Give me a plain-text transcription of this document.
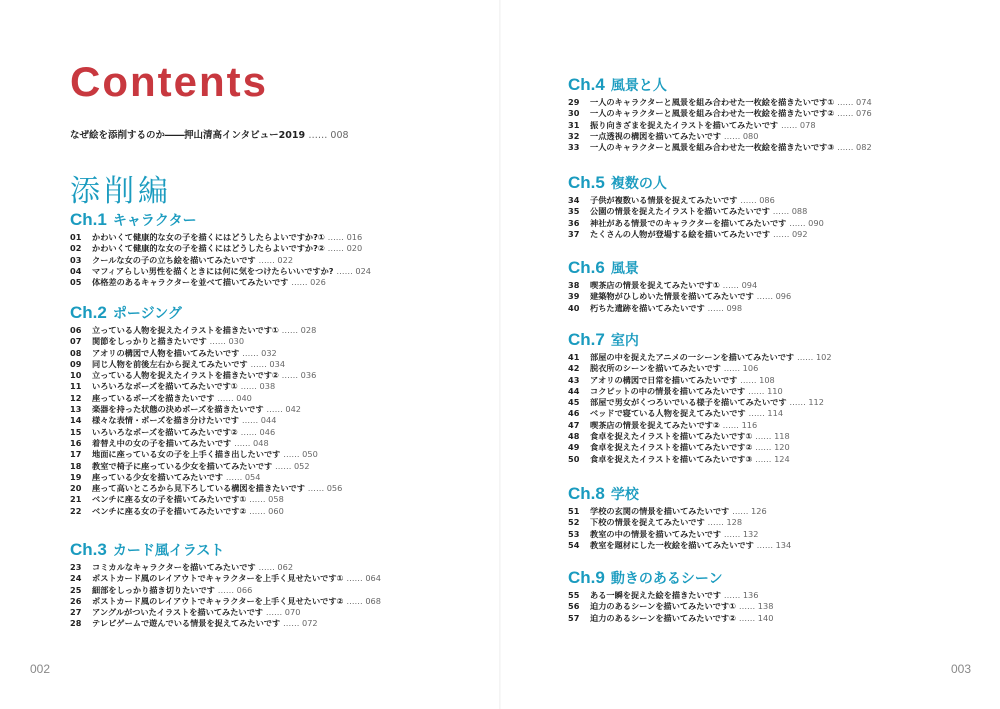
Contents
なぜ絵を添削するのか――押山清高インタビュー2019 …… 008
添削編
Ch.1 キャラクター
01 かわいくて健康的な女の子を描くにはどうしたらよいですか?① …… 016
02 かわいくて健康的な女の子を描くにはどうしたらよいですか?② …… 020
03 クールな女の子の立ち絵を描いてみたいです …… 022
04 マフィアらしい男性を描くときには何に気をつけたらいいですか? …… 024
05 体格差のあるキャラクターを並べて描いてみたいです …… 026
Ch.2 ポージング
06 立っている人物を捉えたイラストを描きたいです① …… 028
07 関節をしっかりと描きたいです …… 030
08 アオリの構図で人物を描いてみたいです …… 032
09 同じ人物を前後左右から捉えてみたいです …… 034
10 立っている人物を捉えたイラストを描きたいです② …… 036
11 いろいろなポーズを描いてみたいです① …… 038
12 座っているポーズを描きたいです …… 040
13 楽器を持った状態の決めポーズを描きたいです …… 042
14 様々な表情・ポーズを描き分けたいです …… 044
15 いろいろなポーズを描いてみたいです② …… 046
16 着替え中の女の子を描いてみたいです …… 048
17 地面に座っている女の子を上手く描き出したいです …… 050
18 教室で椅子に座っている少女を描いてみたいです …… 052
19 座っている少女を描いてみたいです …… 054
20 座って高いところから見下ろしている構図を描きたいです …… 056
21 ベンチに座る女の子を描いてみたいです① …… 058
22 ベンチに座る女の子を描いてみたいです② …… 060
Ch.3 カード風イラスト
23 コミカルなキャラクターを描いてみたいです …… 062
24 ポストカード風のレイアウトでキャラクターを上手く見せたいです① …… 064
25 細部をしっかり描き切りたいです …… 066
26 ポストカード風のレイアウトでキャラクターを上手く見せたいです② …… 068
27 アングルがついたイラストを描いてみたいです …… 070
28 テレビゲームで遊んでいる情景を捉えてみたいです …… 072
002
Ch.4 風景と人
29 一人のキャラクターと風景を組み合わせた一枚絵を描きたいです① …… 074
30 一人のキャラクターと風景を組み合わせた一枚絵を描きたいです② …… 076
31 振り向きざまを捉えたイラストを描いてみたいです …… 078
32 一点透視の構図を描いてみたいです …… 080
33 一人のキャラクターと風景を組み合わせた一枚絵を描きたいです③ …… 082
Ch.5 複数の人
34 子供が複数いる情景を捉えてみたいです …… 086
35 公園の情景を捉えたイラストを描いてみたいです …… 088
36 神社がある情景でのキャラクターを描いてみたいです …… 090
37 たくさんの人物が登場する絵を描いてみたいです …… 092
Ch.6 風景
38 喫茶店の情景を捉えてみたいです① …… 094
39 建築物がひしめいた情景を描いてみたいです …… 096
40 朽ちた遺跡を描いてみたいです …… 098
Ch.7 室内
41 部屋の中を捉えたアニメの一シーンを描いてみたいです …… 102
42 脱衣所のシーンを描いてみたいです …… 106
43 アオリの構図で日常を描いてみたいです …… 108
44 コクピットの中の情景を描いてみたいです …… 110
45 部屋で男女がくつろいでいる様子を描いてみたいです …… 112
46 ベッドで寝ている人物を捉えてみたいです …… 114
47 喫茶店の情景を捉えてみたいです② …… 116
48 食卓を捉えたイラストを描いてみたいです① …… 118
49 食卓を捉えたイラストを描いてみたいです② …… 120
50 食卓を捉えたイラストを描いてみたいです③ …… 124
Ch.8 学校
51 学校の玄関の情景を描いてみたいです …… 126
52 下校の情景を捉えてみたいです …… 128
53 教室の中の情景を描いてみたいです …… 132
54 教室を題材にした一枚絵を描いてみたいです …… 134
Ch.9 動きのあるシーン
55 ある一瞬を捉えた絵を描きたいです …… 136
56 迫力のあるシーンを描いてみたいです① …… 138
57 迫力のあるシーンを描いてみたいです② …… 140
003
